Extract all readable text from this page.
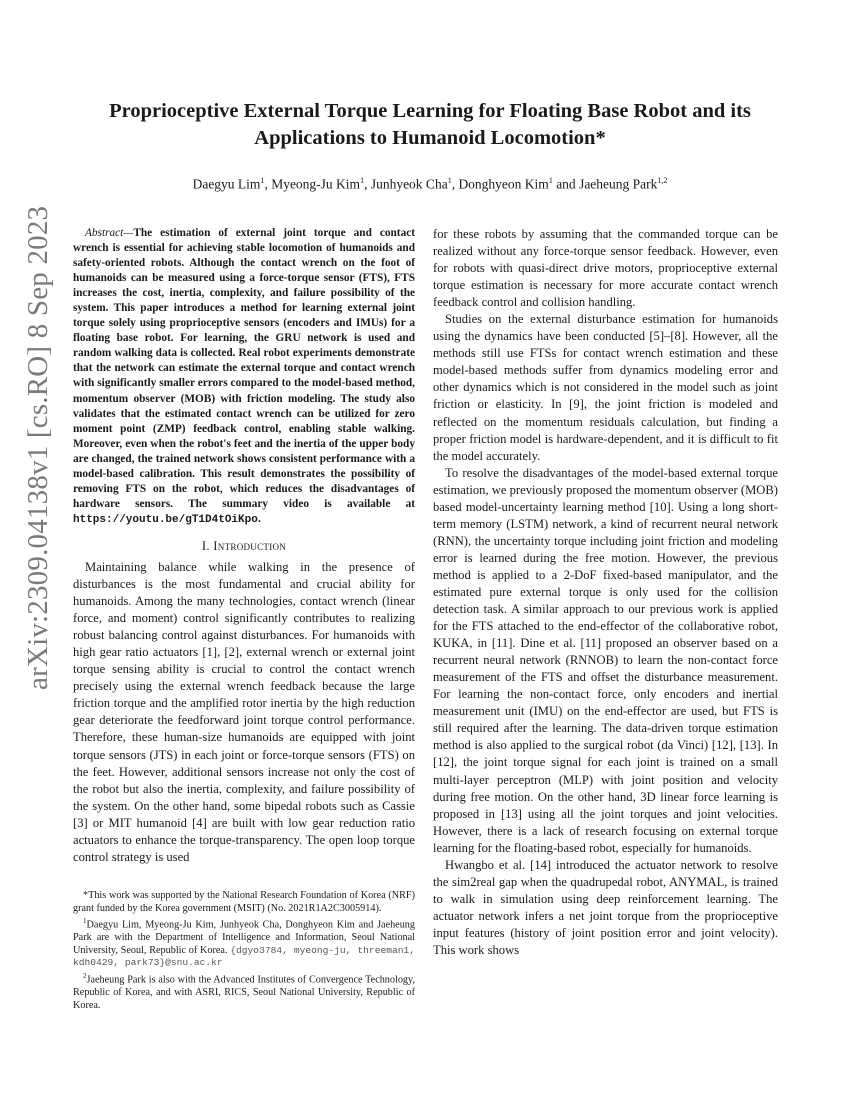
arXiv:2309.04138v1 [cs.RO] 8 Sep 2023
Proprioceptive External Torque Learning for Floating Base Robot and its Applications to Humanoid Locomotion*
Daegyu Lim$^1$, Myeong-Ju Kim$^1$, Junhyeok Cha$^1$, Donghyeon Kim$^1$ and Jaeheung Park$^{1,2}$

Abstract—The estimation of external joint torque and contact wrench is essential for achieving stable locomotion of humanoids and safety-oriented robots. Although the contact wrench on the foot of humanoids can be measured using a force-torque sensor (FTS), FTS increases the cost, inertia, complexity, and failure possibility of the system. This paper introduces a method for learning external joint torque solely using proprioceptive sensors (encoders and IMUs) for a floating base robot. For learning, the GRU network is used and random walking data is collected. Real robot experiments demonstrate that the network can estimate the external torque and contact wrench with significantly smaller errors compared to the model-based method, momentum observer (MOB) with friction modeling. The study also validates that the estimated contact wrench can be utilized for zero moment point (ZMP) feedback control, enabling stable walking. Moreover, even when the robot's feet and the inertia of the upper body are changed, the trained network shows consistent performance with a model-based calibration. This result demonstrates the possibility of removing FTS on the robot, which reduces the disadvantages of hardware sensors. The summary video is available at https://youtu.be/gT1D4tOiKpo.

I. Introduction

Maintaining balance while walking in the presence of disturbances is the most fundamental and crucial ability for humanoids. Among the many technologies, contact wrench (linear force, and moment) control significantly contributes to realizing robust balancing control against disturbances. For humanoids with high gear ratio actuators [1], [2], external wrench or external joint torque sensing ability is crucial to control the contact wrench precisely using the external wrench feedback because the large friction torque and the amplified rotor inertia by the high reduction gear deteriorate the feedforward joint torque control performance. Therefore, these human-size humanoids are equipped with joint torque sensors (JTS) in each joint or force-torque sensors (FTS) on the feet. However, additional sensors increase not only the cost of the robot but also the inertia, complexity, and failure possibility of the system. On the other hand, some bipedal robots such as Cassie [3] or MIT humanoid [4] are built with low gear reduction ratio actuators to enhance the torque-transparency. The open loop torque control strategy is used

*This work was supported by the National Research Foundation of Korea (NRF) grant funded by the Korea government (MSIT) (No. 2021R1A2C3005914).

$^1$Daegyu Lim, Myeong-Ju Kim, Junhyeok Cha, Donghyeon Kim and Jaeheung Park are with the Department of Intelligence and Information, Seoul National University, Seoul, Republic of Korea. {dgyo3784, myeong-ju, threeman1, kdh0429, park73}@snu.ac.kr

$^2$Jaeheung Park is also with the Advanced Institutes of Convergence Technology, Republic of Korea, and with ASRI, RICS, Seoul National University, Republic of Korea.

for these robots by assuming that the commanded torque can be realized without any force-torque sensor feedback. However, even for robots with quasi-direct drive motors, proprioceptive external torque estimation is necessary for more accurate contact wrench feedback control and collision handling.

Studies on the external disturbance estimation for humanoids using the dynamics have been conducted [5]–[8]. However, all the methods still use FTSs for contact wrench estimation and these model-based methods suffer from dynamics modeling error and other dynamics which is not considered in the model such as joint friction or elasticity. In [9], the joint friction is modeled and reflected on the momentum residuals calculation, but finding a proper friction model is hardware-dependent, and it is difficult to fit the model accurately.

To resolve the disadvantages of the model-based external torque estimation, we previously proposed the momentum observer (MOB) based model-uncertainty learning method [10]. Using a long short-term memory (LSTM) network, a kind of recurrent neural network (RNN), the uncertainty torque including joint friction and modeling error is learned during the free motion. However, the previous method is applied to a 2-DoF fixed-based manipulator, and the estimated pure external torque is only used for the collision detection task. A similar approach to our previous work is applied for the FTS attached to the end-effector of the collaborative robot, KUKA, in [11]. Dine et al. [11] proposed an observer based on a recurrent neural network (RNNOB) to learn the non-contact force measurement of the FTS and offset the disturbance measurement. For learning the non-contact force, only encoders and inertial measurement unit (IMU) on the end-effector are used, but FTS is still required after the learning. The data-driven torque estimation method is also applied to the surgical robot (da Vinci) [12], [13]. In [12], the joint torque signal for each joint is trained on a small multi-layer perceptron (MLP) with joint position and velocity during free motion. On the other hand, 3D linear force learning is proposed in [13] using all the joint torques and joint velocities. However, there is a lack of research focusing on external torque learning for the floating-based robot, especially for humanoids.

Hwangbo et al. [14] introduced the actuator network to resolve the sim2real gap when the quadrupedal robot, ANYMAL, is trained to walk in simulation using deep reinforcement learning. The actuator network infers a net joint torque from the proprioceptive input features (history of joint position error and joint velocity). This work shows
